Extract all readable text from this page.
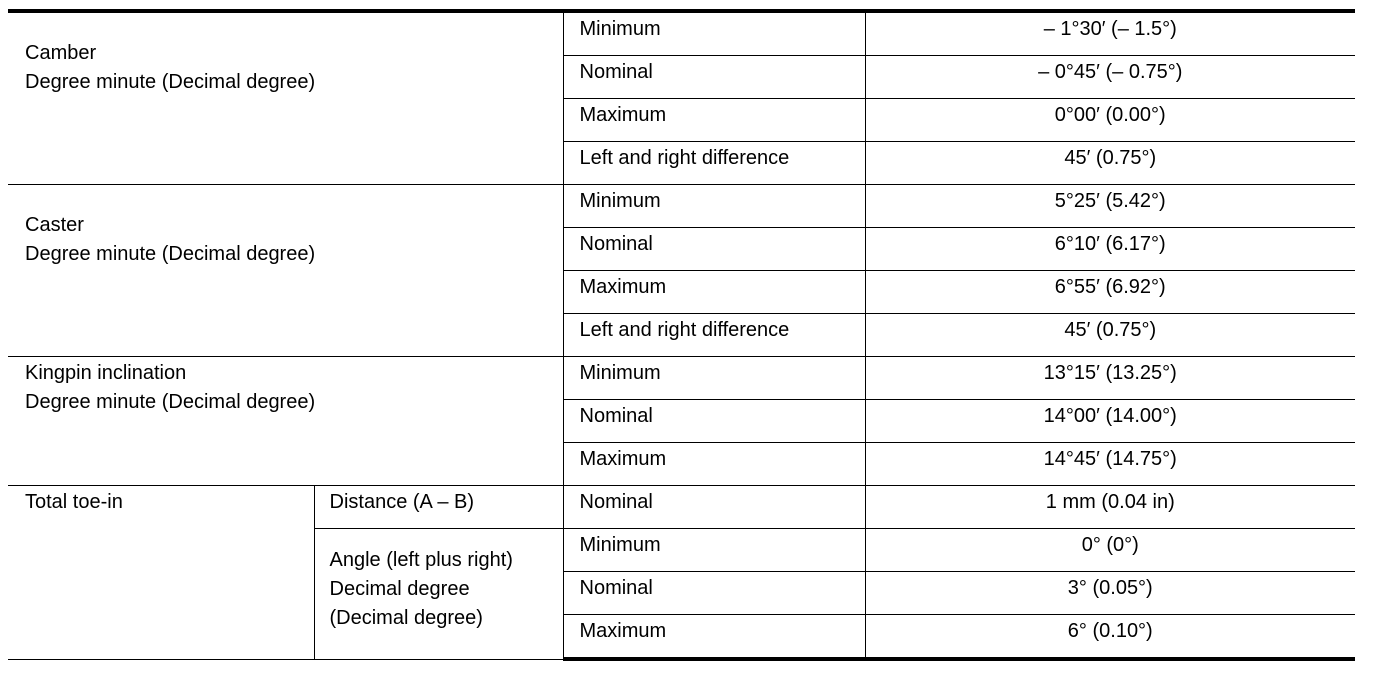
Camber
Degree minute (Decimal degree)		Minimum	– 1°30′ (– 1.5°)

		Nominal	– 0°45′ (– 0.75°)

		Maximum	0°00′ (0.00°)

		Left and right difference	45′ (0.75°)

Caster
Degree minute (Decimal degree)		Minimum	5°25′ (5.42°)

		Nominal	6°10′ (6.17°)

		Maximum	6°55′ (6.92°)

		Left and right difference	45′ (0.75°)

Kingpin inclination
Degree minute (Decimal degree)		Minimum	13°15′ (13.25°)

		Nominal	14°00′ (14.00°)

		Maximum	14°45′ (14.75°)

Total toe-in	Distance (A – B)	Nominal	1 mm (0.04 in)

	Angle (left plus right)
Decimal degree
(Decimal degree)	Minimum	0° (0°)

		Nominal	3° (0.05°)

		Maximum	6° (0.10°)
